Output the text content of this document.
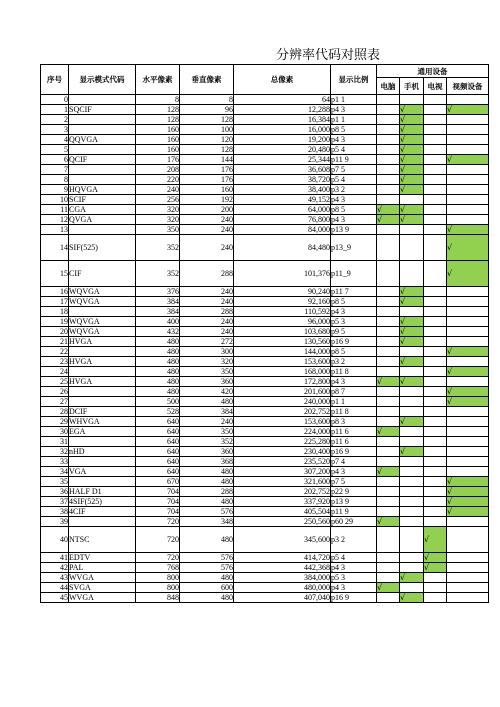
分辨率代码对照表
序号	显示模式代码	水平像素	垂直像素	总像素	显示比例	通用设备			
						电脑	手机	电视	视频设备
0		8	8	64	p1 1				
1	SQCIF	128	96	12,288	p4 3		√		√
2		128	128	16,384	p1 1		√		
3		160	100	16,000	p8 5		√		
4	QQVGA	160	120	19,200	p4 3		√		
5		160	128	20,480	p5 4		√		
6	QCIF	176	144	25,344	p11 9		√		√
7		208	176	36,608	p7 5		√		
8		220	176	38,720	p5 4		√		
9	HQVGA	240	160	38,400	p3 2		√		
10	SCIF	256	192	49,152	p4 3				
11	CGA	320	200	64,000	p8 5	√	√		
12	QVGA	320	240	76,800	p4 3	√	√		
13		350	240	84,000	p13 9				√
14	SIF(525)	352	240	84,480	p13_9				√
15	CIF	352	288	101,376	p11_9				√
16	WQVGA	376	240	90,240	p11 7		√		
17	WQVGA	384	240	92,160	p8 5		√		
18		384	288	110,592	p4 3				
19	WQVGA	400	240	96,000	p5 3		√		
20	WQVGA	432	240	103,680	p9 5		√		
21	HVGA	480	272	130,560	p16 9		√		
22		480	300	144,000	p8 5				√
23	HVGA	480	320	153,600	p3 2		√		
24		480	350	168,000	p11 8				√
25	HVGA	480	360	172,800	p4 3	√	√		
26		480	420	201,600	p8 7				√
27		500	480	240,000	p1 1				√
28	DCIF	528	384	202,752	p11 8				
29	WHVGA	640	240	153,600	p8 3		√		
30	EGA	640	350	224,000	p11 6	√			
31		640	352	225,280	p11 6				
32	nHD	640	360	230,400	p16 9		√		
33		640	368	235,520	p7 4				
34	VGA	640	480	307,200	p4 3	√			
35		670	480	321,600	p7 5				√
36	HALF D1	704	288	202,752	p22 9				√
37	4SIF(525)	704	480	337,920	p13 9				√
38	4CIF	704	576	405,504	p11 9				√
39		720	348	250,560	p60 29	√			
40	NTSC	720	480	345,600	p3 2			√	
41	EDTV	720	576	414,720	p5 4			√	
42	PAL	768	576	442,368	p4 3			√	
43	WVGA	800	480	384,000	p5 3		√		
44	SVGA	800	600	480,000	p4 3	√			
45	WVGA	848	480	407,040	p16 9		√		
